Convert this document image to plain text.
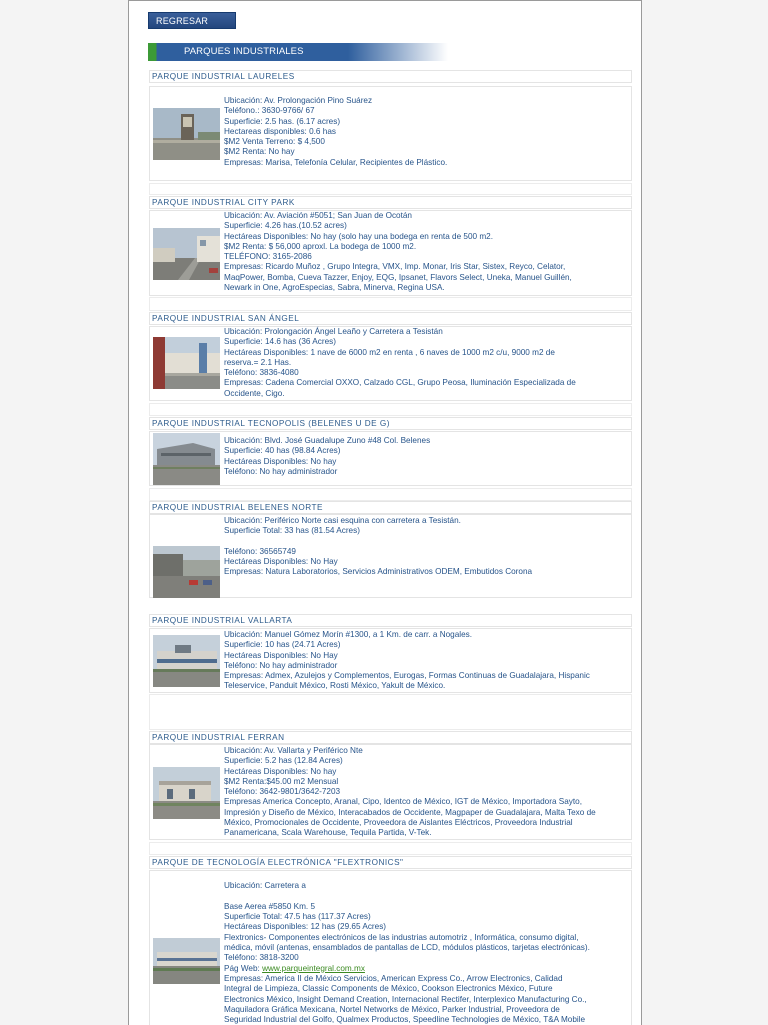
REGRESAR
PARQUES INDUSTRIALES
PARQUE INDUSTRIAL LAURELES
Ubicación: Av. Prolongación Pino Suárez
Teléfono.: 3630-9766/ 67
Superficie: 2.5 has. (6.17 acres)
Hectareas disponibles: 0.6 has
$M2 Venta Terreno: $ 4,500
$M2 Renta: No hay
Empresas: Marisa, Telefonía Celular, Recipientes de Plástico.
PARQUE INDUSTRIAL CITY PARK
Ubicación: Av. Aviación #5051; San Juan de Ocotán
Superficie: 4.26 has.(10.52 acres)
Hectáreas Disponibles: No hay (solo hay una bodega en renta de 500 m2.
$M2 Renta: $ 56,000 aproxl. La bodega de 1000 m2.
TELÉFONO: 3165-2086
Empresas: Ricardo Muñoz , Grupo Integra, VMX, Imp. Monar, Iris Star, Sistex, Reyco, Celator,
MaqPower, Bomba, Cueva Tazzer, Enjoy, EQG, Ipsanet, Flavors Select, Uneka, Manuel Guillén,
Newark in One, AgroEspecias, Sabra, Minerva, Regina USA.
PARQUE INDUSTRIAL SAN ÁNGEL
Ubicación: Prolongación Ángel Leaño y Carretera a Tesistán
Superficie: 14.6 has (36 Acres)
Hectáreas Disponibles: 1 nave de 6000 m2 en renta , 6 naves de 1000 m2 c/u, 9000 m2 de
reserva.= 2.1 Has.
Teléfono: 3836-4080
Empresas: Cadena Comercial OXXO, Calzado CGL, Grupo Peosa, Iluminación Especializada de
Occidente, Cigo.
PARQUE INDUSTRIAL TECNOPOLIS (BELENES U DE G)
Ubicación: Blvd. José Guadalupe Zuno #48 Col. Belenes
Superficie: 40 has (98.84 Acres)
Hectáreas Disponibles: No hay
Teléfono: No hay administrador
PARQUE INDUSTRIAL BELENES NORTE
Ubicación: Periférico Norte casi esquina con carretera a Tesistán.
Superficie Total: 33 has (81.54 Acres)
Teléfono: 36565749
Hectáreas Disponibles: No Hay
Empresas: Natura Laboratorios, Servicios Administrativos ODEM, Embutidos Corona
PARQUE INDUSTRIAL VALLARTA
Ubicación: Manuel Gómez Morín #1300, a 1 Km. de carr. a Nogales.
Superficie: 10 has (24.71 Acres)
Hectáreas Disponibles: No Hay
Teléfono: No hay administrador
Empresas: Admex, Azulejos y Complementos, Eurogas, Formas Continuas de Guadalajara, Hispanic
Teleservice, Panduit México, Rosti México, Yakult de México.
PARQUE INDUSTRIAL FERRAN
Ubicación: Av. Vallarta y Periférico Nte
Superficie: 5.2 has (12.84 Acres)
Hectáreas Disponibles: No hay
$M2 Renta:$45.00 m2 Mensual
Teléfono: 3642-9801/3642-7203
Empresas America Concepto, Aranal, Cipo, Identco de México, IGT de México, Importadora Sayto,
Impresión y Diseño de México, Interacabados de Occidente, Magpaper de Guadalajara, Malta Texo de
México, Promocionales de Occidente, Proveedora de Aislantes Eléctricos, Proveedora Industrial
Panamericana, Scala Warehouse, Tequila Partida, V-Tek.
PARQUE DE TECNOLOGÍA ELECTRÓNICA "FLEXTRONICS"
Ubicación: Carretera a
Base Aerea #5850 Km. 5
Superficie Total: 47.5 has (117.37 Acres)
Hectáreas Disponibles: 12 has (29.65 Acres)
Flextronics- Componentes electrónicos de las industrias automotriz , Informática, consumo digital,
médica, móvil (antenas, ensamblados de pantallas de LCD, módulos plásticos, tarjetas electrónicas).
Teléfono: 3818-3200
Pág Web: www.parqueintegral.com.mx
Empresas: America II de México Servicios, American Express Co., Arrow Electronics, Calidad
Integral de Limpieza, Classic Components de México, Cookson Electronics México, Future
Electronics México, Insight Demand Creation, Internacional Rectifer, Interplexico Manufacturing Co.,
Maquiladora Gráfica Mexicana, Nortel Networks de México, Parker Industrial, Proveedora de
Seguridad Industrial del Golfo, Qualmex Productos, Speedline Technologies de México, T&A Mobile
